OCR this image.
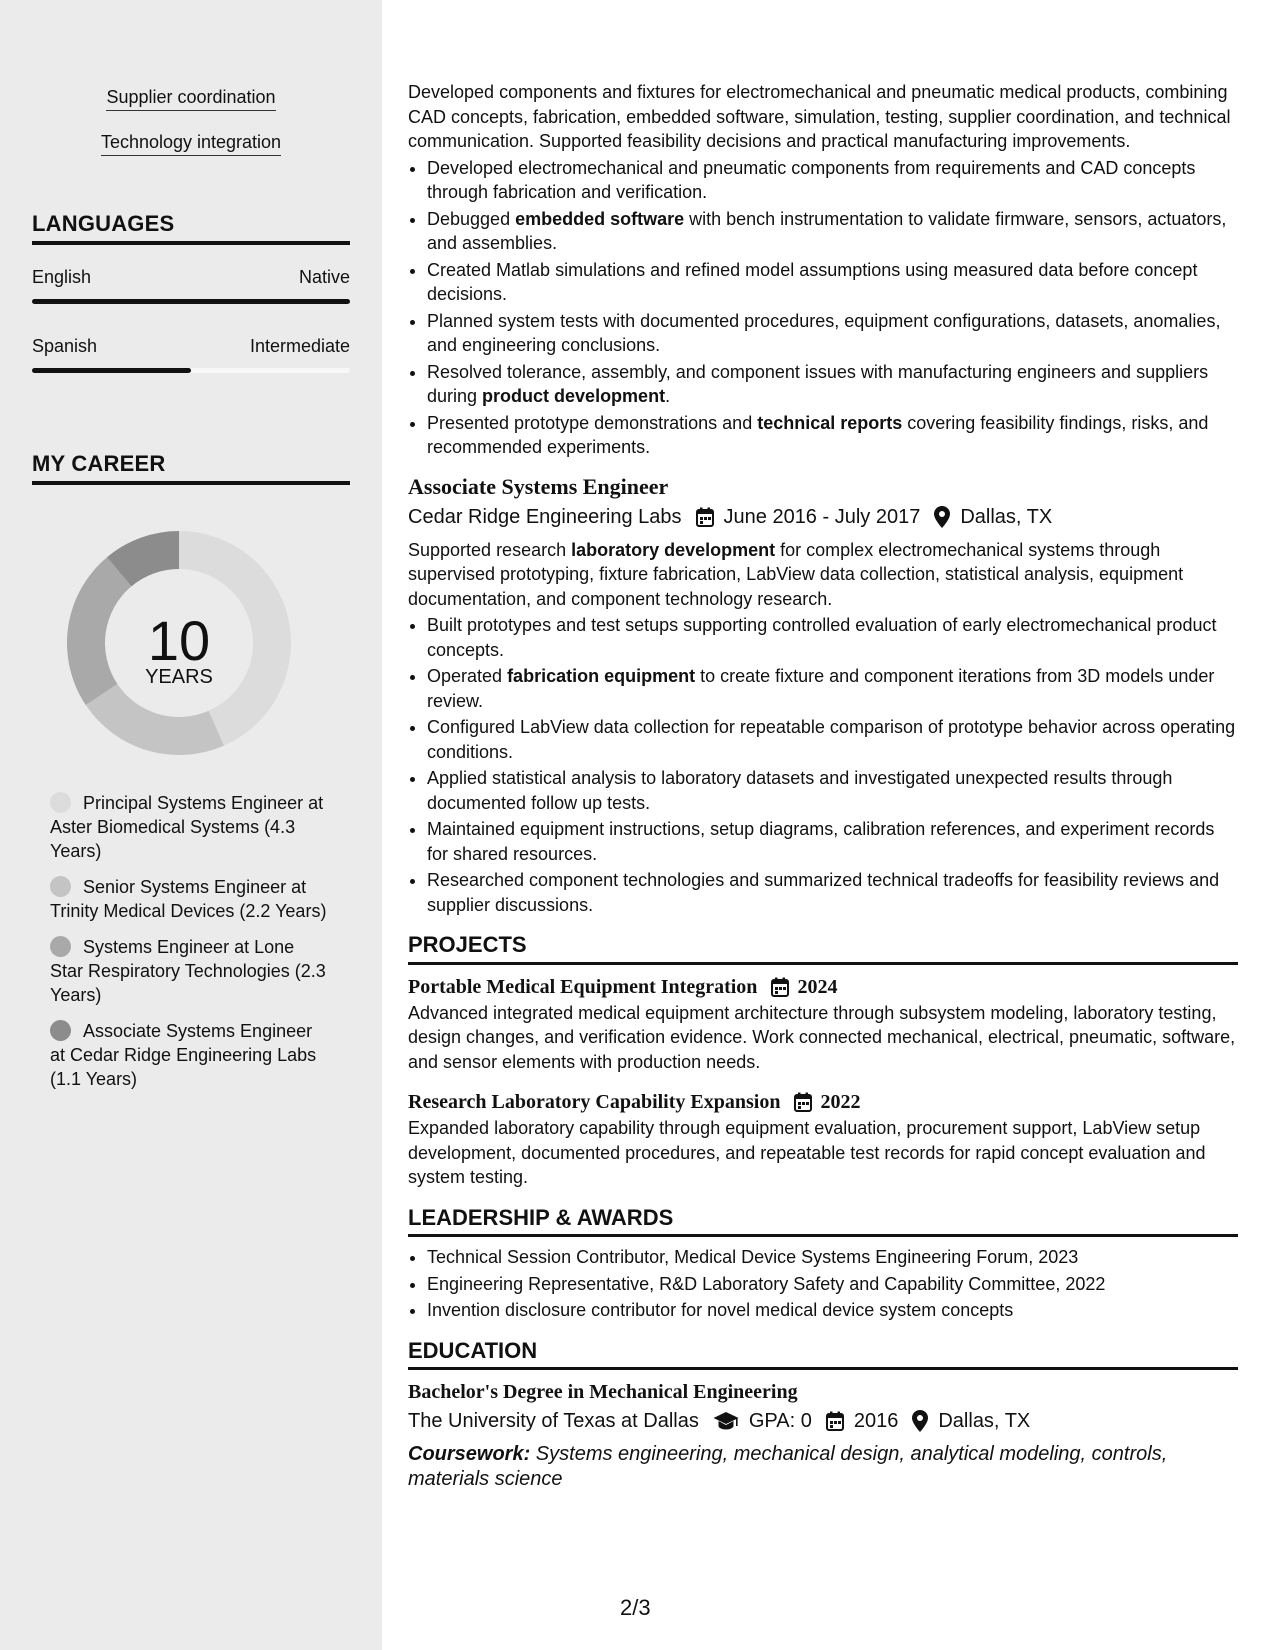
Supplier coordination
Technology integration
LANGUAGES
English	Native
Spanish	Intermediate
MY CAREER
10
YEARS
Principal Systems Engineer at Aster Biomedical Systems (4.3 Years)
Senior Systems Engineer at Trinity Medical Devices (2.2 Years)
Systems Engineer at Lone Star Respiratory Technologies (2.3 Years)
Associate Systems Engineer at Cedar Ridge Engineering Labs (1.1 Years)

Developed components and fixtures for electromechanical and pneumatic medical products, combining CAD concepts, fabrication, embedded software, simulation, testing, supplier coordination, and technical communication. Supported feasibility decisions and practical manufacturing improvements.

• Developed electromechanical and pneumatic components from requirements and CAD concepts through fabrication and verification.
• Debugged embedded software with bench instrumentation to validate firmware, sensors, actuators, and assemblies.
• Created Matlab simulations and refined model assumptions using measured data before concept decisions.
• Planned system tests with documented procedures, equipment configurations, datasets, anomalies, and engineering conclusions.
• Resolved tolerance, assembly, and component issues with manufacturing engineers and suppliers during product development.
• Presented prototype demonstrations and technical reports covering feasibility findings, risks, and recommended experiments.
Associate Systems Engineer
Cedar Ridge Engineering Labs June 2016 - July 2017 Dallas, TX

Supported research laboratory development for complex electromechanical systems through supervised prototyping, fixture fabrication, LabView data collection, statistical analysis, equipment documentation, and component technology research.

• Built prototypes and test setups supporting controlled evaluation of early electromechanical product concepts.
• Operated fabrication equipment to create fixture and component iterations from 3D models under review.
• Configured LabView data collection for repeatable comparison of prototype behavior across operating conditions.
• Applied statistical analysis to laboratory datasets and investigated unexpected results through documented follow up tests.
• Maintained equipment instructions, setup diagrams, calibration references, and experiment records for shared resources.
• Researched component technologies and summarized technical tradeoffs for feasibility reviews and supplier discussions.
PROJECTS
Portable Medical Equipment Integration 2024

Advanced integrated medical equipment architecture through subsystem modeling, laboratory testing, design changes, and verification evidence. Work connected mechanical, electrical, pneumatic, software, and sensor elements with production needs.

Research Laboratory Capability Expansion 2022

Expanded laboratory capability through equipment evaluation, procurement support, LabView setup development, documented procedures, and repeatable test records for rapid concept evaluation and system testing.

LEADERSHIP & AWARDS
• Technical Session Contributor, Medical Device Systems Engineering Forum, 2023
• Engineering Representative, R&D Laboratory Safety and Capability Committee, 2022
• Invention disclosure contributor for novel medical device system concepts
EDUCATION
Bachelor's Degree in Mechanical Engineering
The University of Texas at Dallas	GPA: 0 2016 Dallas, TX
Coursework: Systems engineering, mechanical design, analytical modeling, controls, materials science
2/3
